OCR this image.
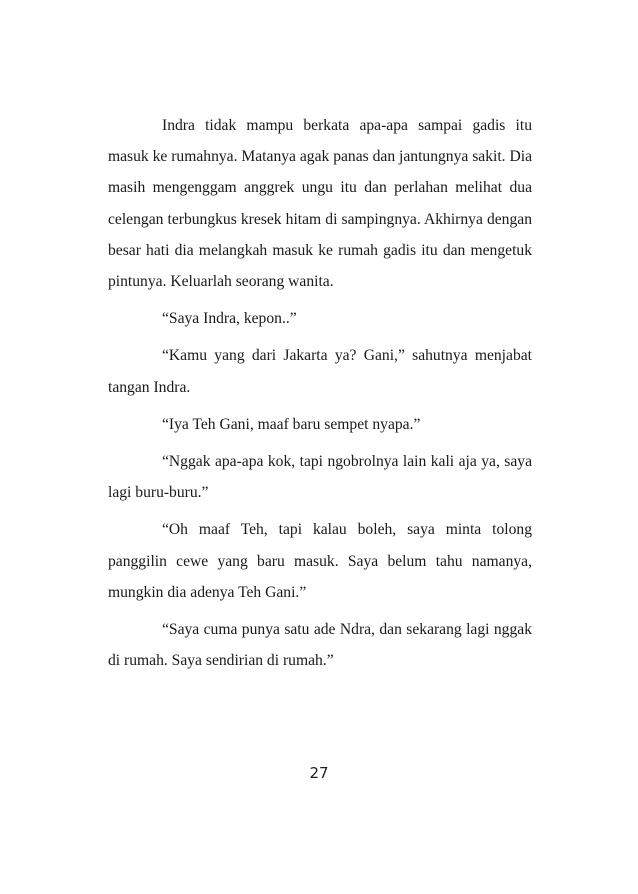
Indra tidak mampu berkata apa-apa sampai gadis itu masuk ke rumahnya. Matanya agak panas dan jantungnya sakit. Dia masih mengenggam anggrek ungu itu dan perlahan melihat dua celengan terbungkus kresek hitam di sampingnya. Akhirnya dengan besar hati dia melangkah masuk ke rumah gadis itu dan mengetuk pintunya. Keluarlah seorang wanita.

“Saya Indra, kepon..”

“Kamu yang dari Jakarta ya? Gani,” sahutnya menjabat tangan Indra.

“Iya Teh Gani, maaf baru sempet nyapa.”

“Nggak apa-apa kok, tapi ngobrolnya lain kali aja ya, saya lagi buru-buru.”

“Oh maaf Teh, tapi kalau boleh, saya minta tolong panggilin cewe yang baru masuk. Saya belum tahu namanya, mungkin dia adenya Teh Gani.”

“Saya cuma punya satu ade Ndra, dan sekarang lagi nggak di rumah. Saya sendirian di rumah.”

27
